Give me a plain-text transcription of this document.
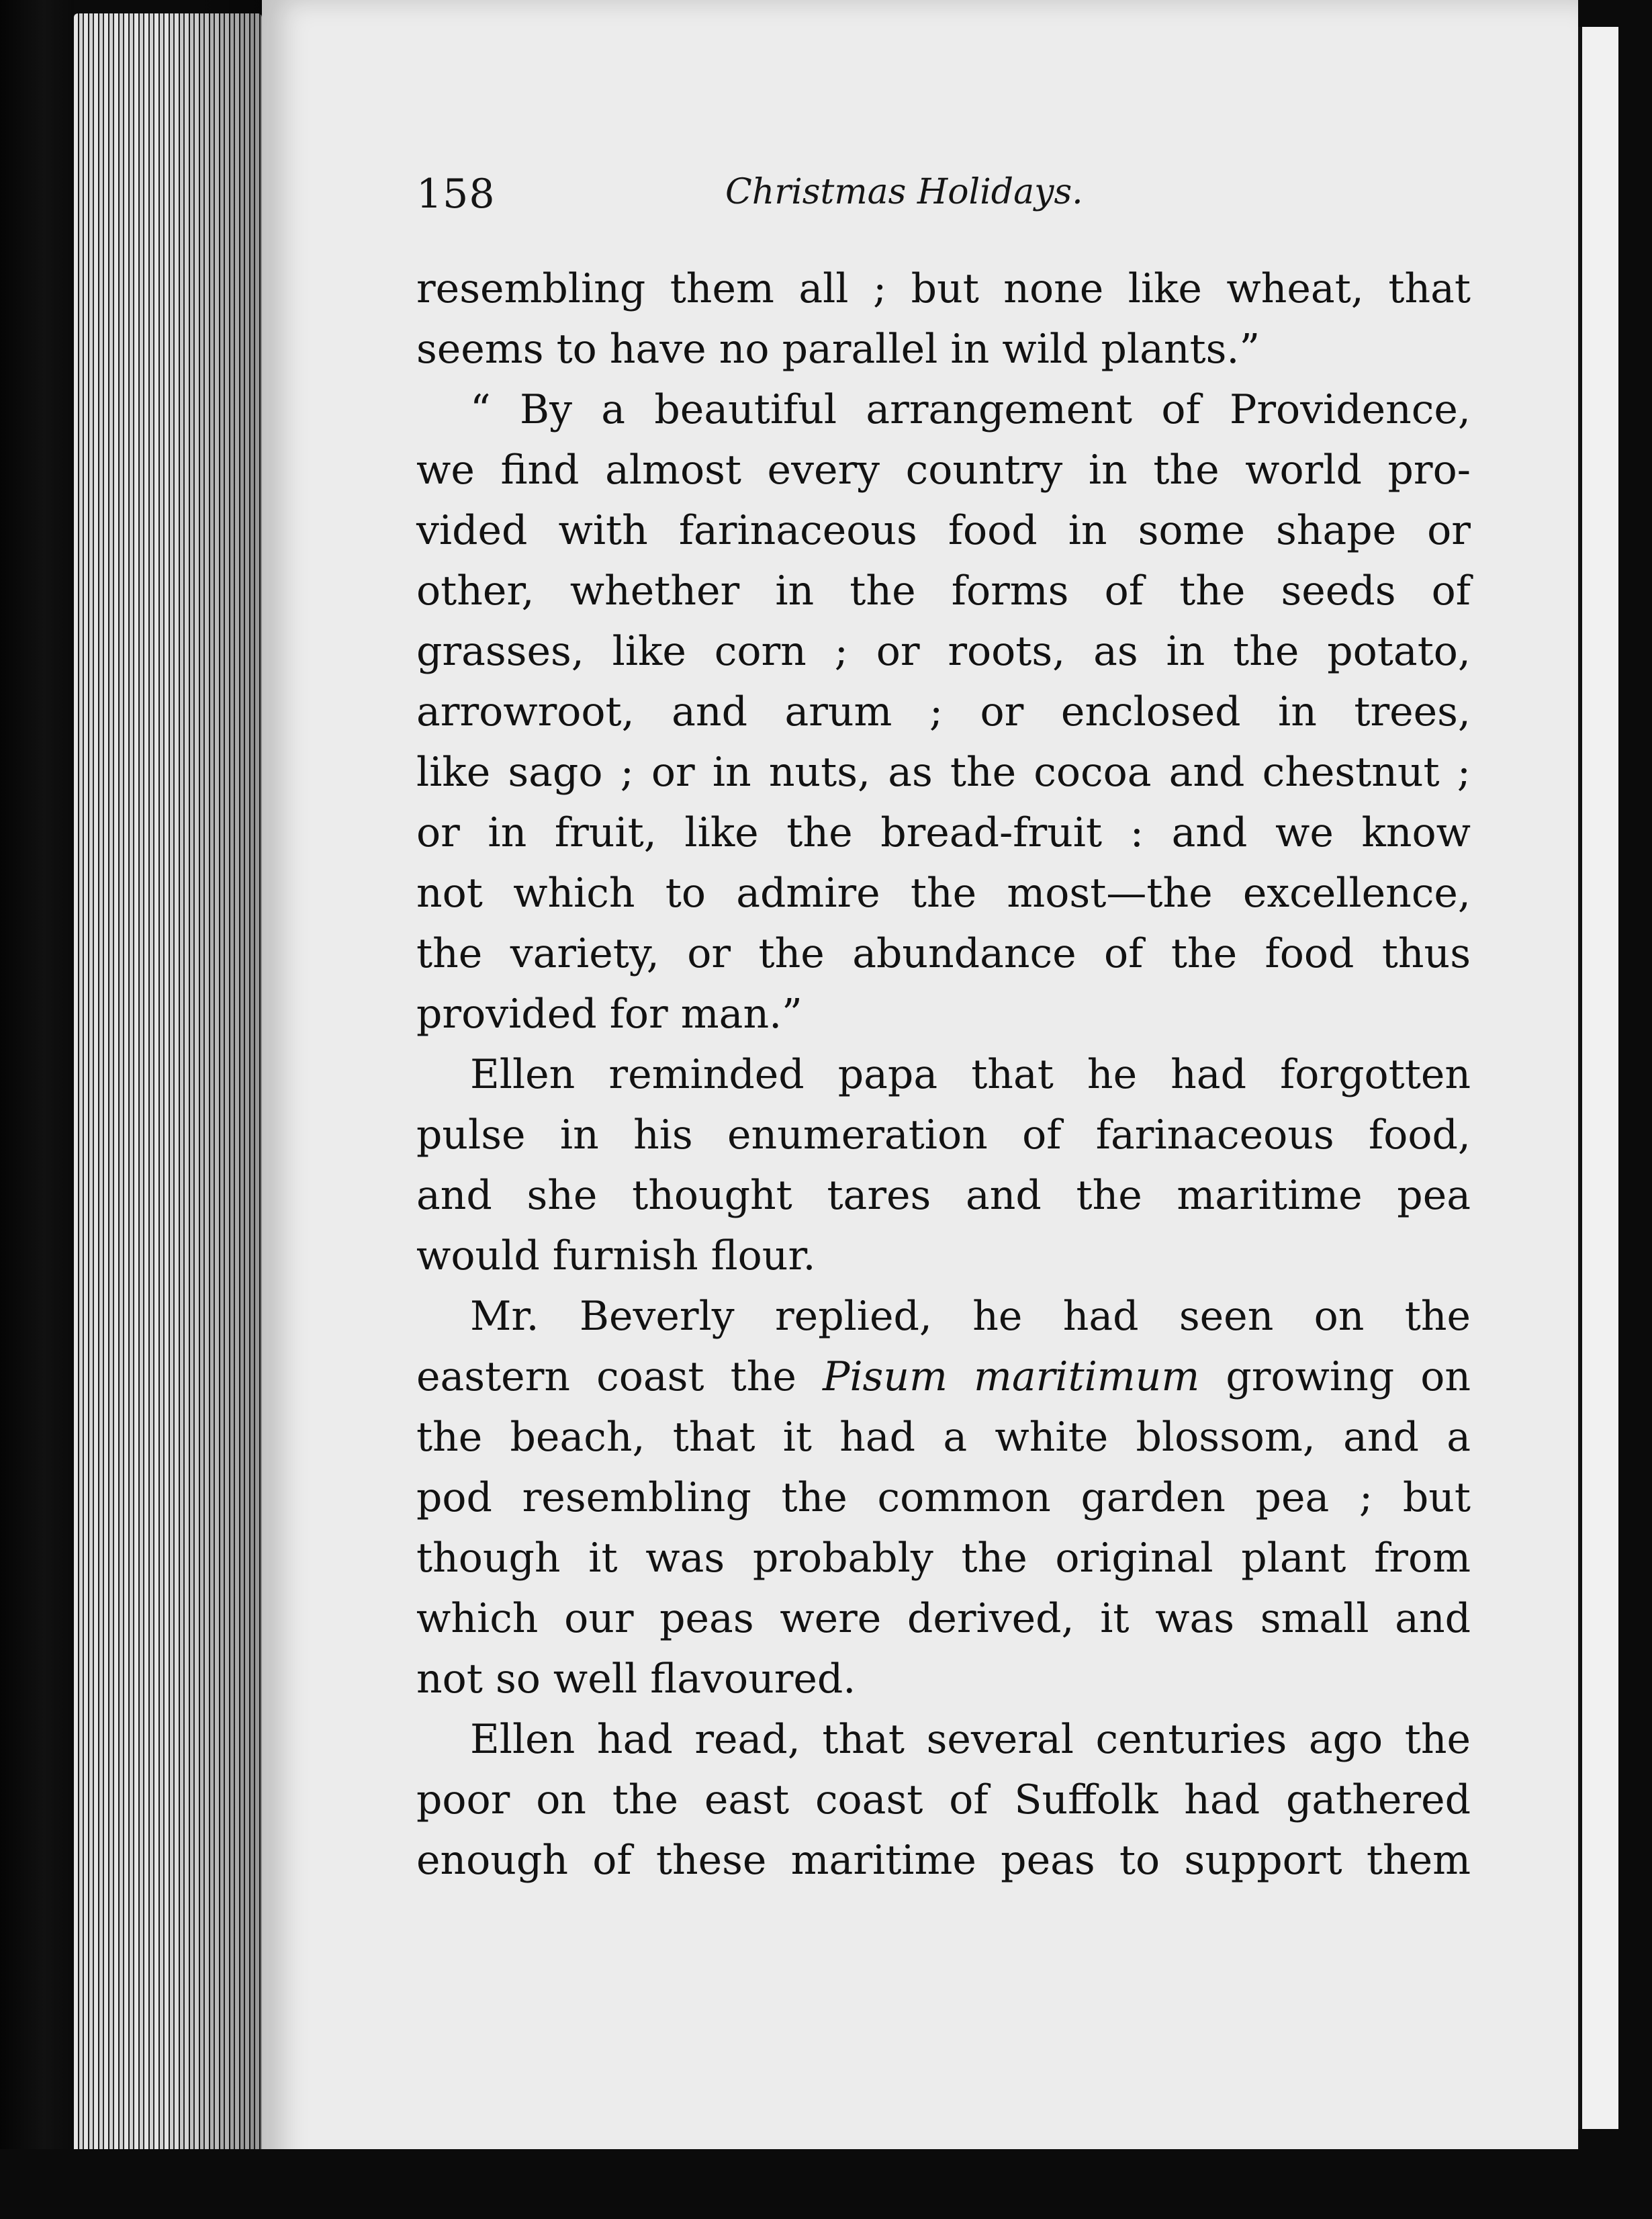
158	Christmas Holidays.
resembling them all ; but none like wheat, that
seems to have no parallel in wild plants.”
“ By a beautiful arrangement of Providence,
we find almost every country in the world pro-
vided with farinaceous food in some shape or
other, whether in the forms of the seeds of
grasses, like corn ; or roots, as in the potato,
arrowroot, and arum ; or enclosed in trees,
like sago ; or in nuts, as the cocoa and chestnut ;
or in fruit, like the bread-fruit : and we know
not which to admire the most—the excellence,
the variety, or the abundance of the food thus
provided for man.”
Ellen reminded papa that he had forgotten
pulse in his enumeration of farinaceous food,
and she thought tares and the maritime pea
would furnish flour.
Mr. Beverly replied, he had seen on the
eastern coast the Pisum maritimum growing on
the beach, that it had a white blossom, and a
pod resembling the common garden pea ; but
though it was probably the original plant from
which our peas were derived, it was small and
not so well flavoured.
Ellen had read, that several centuries ago the
poor on the east coast of Suffolk had gathered
enough of these maritime peas to support them
